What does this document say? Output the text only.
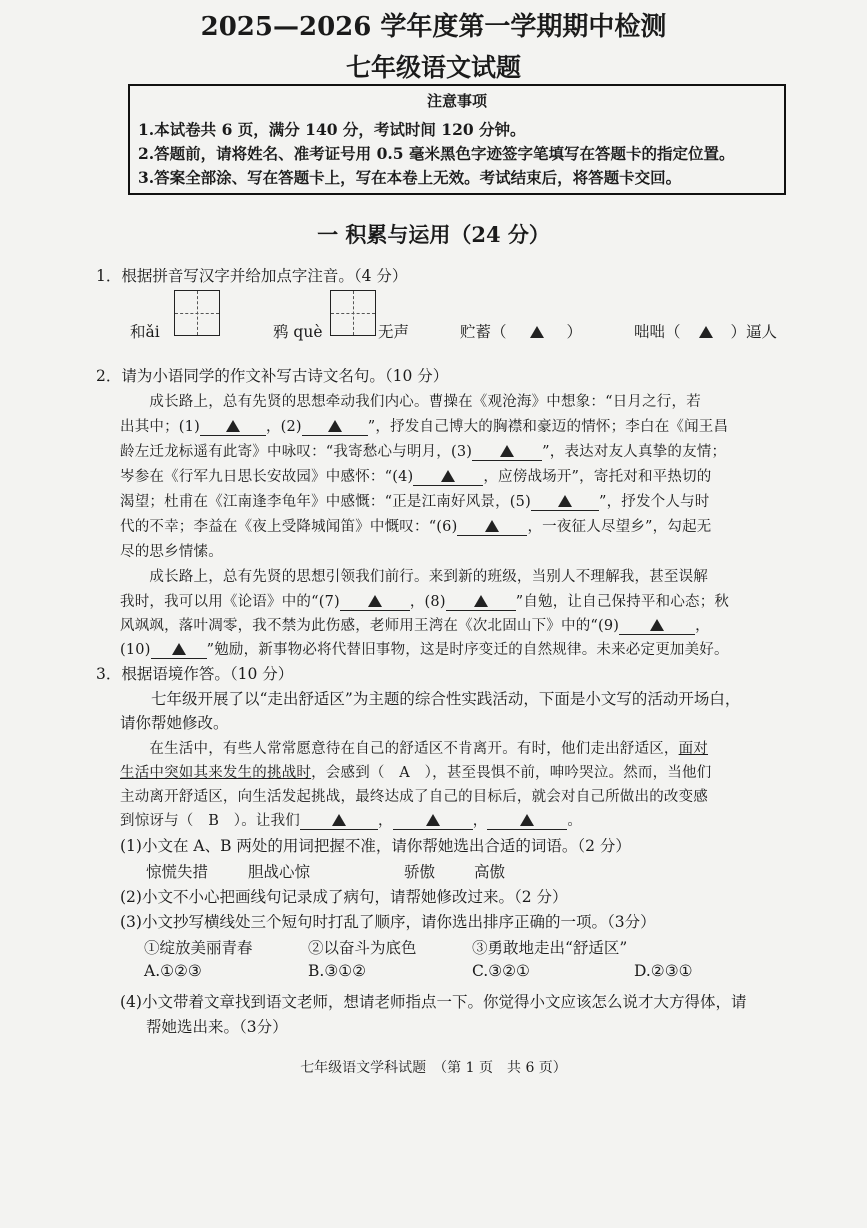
2025—2026 学年度第一学期期中检测
七年级语文试题
注意事项
1.本试卷共 6 页，满分 140 分，考试时间 120 分钟。
2.答题前，请将姓名、准考证号用 0.5 毫米黑色字迹签字笔填写在答题卡的指定位置。
3.答案全部涂、写在答题卡上，写在本卷上无效。考试结束后，将答题卡交回。
一 积累与运用（24 分）
1．根据拼音写汉字并给加点字注音。（4 分）
和ǎi	鸦 què	无声	贮蓄（	）	咄咄（	）逼人
2．请为小语同学的作文补写古诗文名句。（10 分）
　　成长路上，总有先贤的思想牵动我们内心。曹操在《观沧海》中想象：“日月之行，若
出其中；(1)	，(2)	”，抒发自己博大的胸襟和豪迈的情怀；李白在《闻王昌
龄左迁龙标遥有此寄》中咏叹：“我寄愁心与明月，(3)	”，表达对友人真挚的友情；
岑参在《行军九日思长安故园》中感怀：“(4)	，应傍战场开”，寄托对和平热切的
渴望；杜甫在《江南逢李龟年》中感慨：“正是江南好风景，(5)	”，抒发个人与时
代的不幸；李益在《夜上受降城闻笛》中慨叹：“(6)	，一夜征人尽望乡”，勾起无
尽的思乡情愫。
　　成长路上，总有先贤的思想引领我们前行。来到新的班级，当别人不理解我，甚至误解
我时，我可以用《论语》中的“(7)	，(8)	”自勉，让自己保持平和心态；秋
风飒飒，落叶凋零，我不禁为此伤感，老师用王湾在《次北固山下》中的“(9)	，
(10)	”勉励，新事物必将代替旧事物，这是时序变迁的自然规律。未来必定更加美好。
3．根据语境作答。（10 分）
　　七年级开展了以“走出舒适区”为主题的综合性实践活动，下面是小文写的活动开场白，
请你帮她修改。
　　在生活中，有些人常常愿意待在自己的舒适区不肯离开。有时，他们走出舒适区，面对
生活中突如其来发生的挑战时，会感到（　A　），甚至畏惧不前，呻吟哭泣。然而，当他们
主动离开舒适区，向生活发起挑战，最终达成了自己的目标后，就会对自己所做出的改变感
到惊讶与（　B　）。让我们	，	，	。
(1)小文在 A、B 两处的用词把握不准，请你帮她选出合适的词语。（2 分）
惊慌失措	胆战心惊	骄傲	高傲
(2)小文不小心把画线句记录成了病句，请帮她修改过来。（2 分）
(3)小文抄写横线处三个短句时打乱了顺序，请你选出排序正确的一项。（3分）
①绽放美丽青春	②以奋斗为底色	③勇敢地走出“舒适区”
A.①②③	B.③①②	C.③②①	D.②③①
(4)小文带着文章找到语文老师，想请老师指点一下。你觉得小文应该怎么说才大方得体，请
帮她选出来。（3分）
七年级语文学科试题　（第 1 页　共 6 页）
